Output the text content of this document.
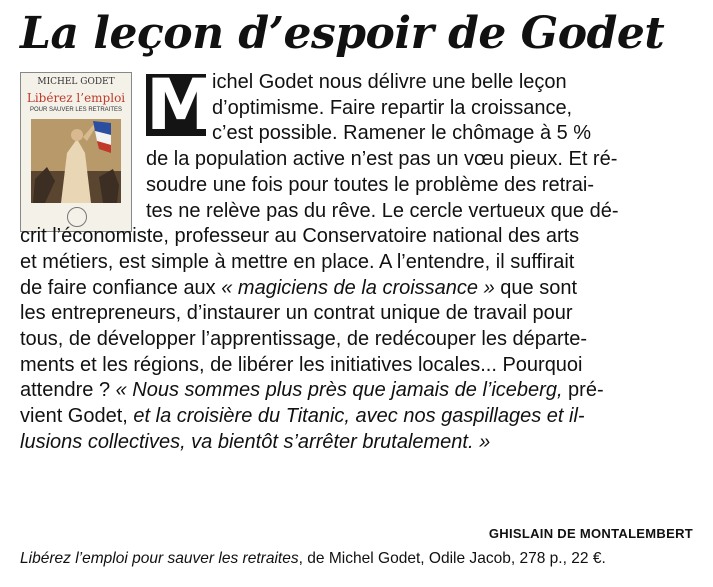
La leçon d’espoir de Godet
MICHEL GODET
Libérez l’emploi
POUR SAUVER LES RETRAITES M
ichel Godet nous délivre une belle leçon
d’optimisme. Faire repartir la croissance,
c’est possible. Ramener le chômage à 5 %
de la population active n’est pas un vœu pieux. Et ré-
soudre une fois pour toutes le problème des retrai-
tes ne relève pas du rêve. Le cercle vertueux que dé-
crit l’économiste, professeur au Conservatoire national des arts
et métiers, est simple à mettre en place. A l’entendre, il suffirait
de faire confiance aux « magiciens de la croissance » que sont
les entrepreneurs, d’instaurer un contrat unique de travail pour
tous, de développer l’apprentissage, de redécouper les départe-
ments et les régions, de libérer les initiatives locales... Pourquoi
attendre ? « Nous sommes plus près que jamais de l’iceberg, pré-
vient Godet, et la croisière du Titanic, avec nos gaspillages et il-
lusions collectives, va bientôt s’arrêter brutalement. »
GHISLAIN DE MONTALEMBERT
Libérez l’emploi pour sauver les retraites, de Michel Godet, Odile Jacob, 278 p., 22 €.
